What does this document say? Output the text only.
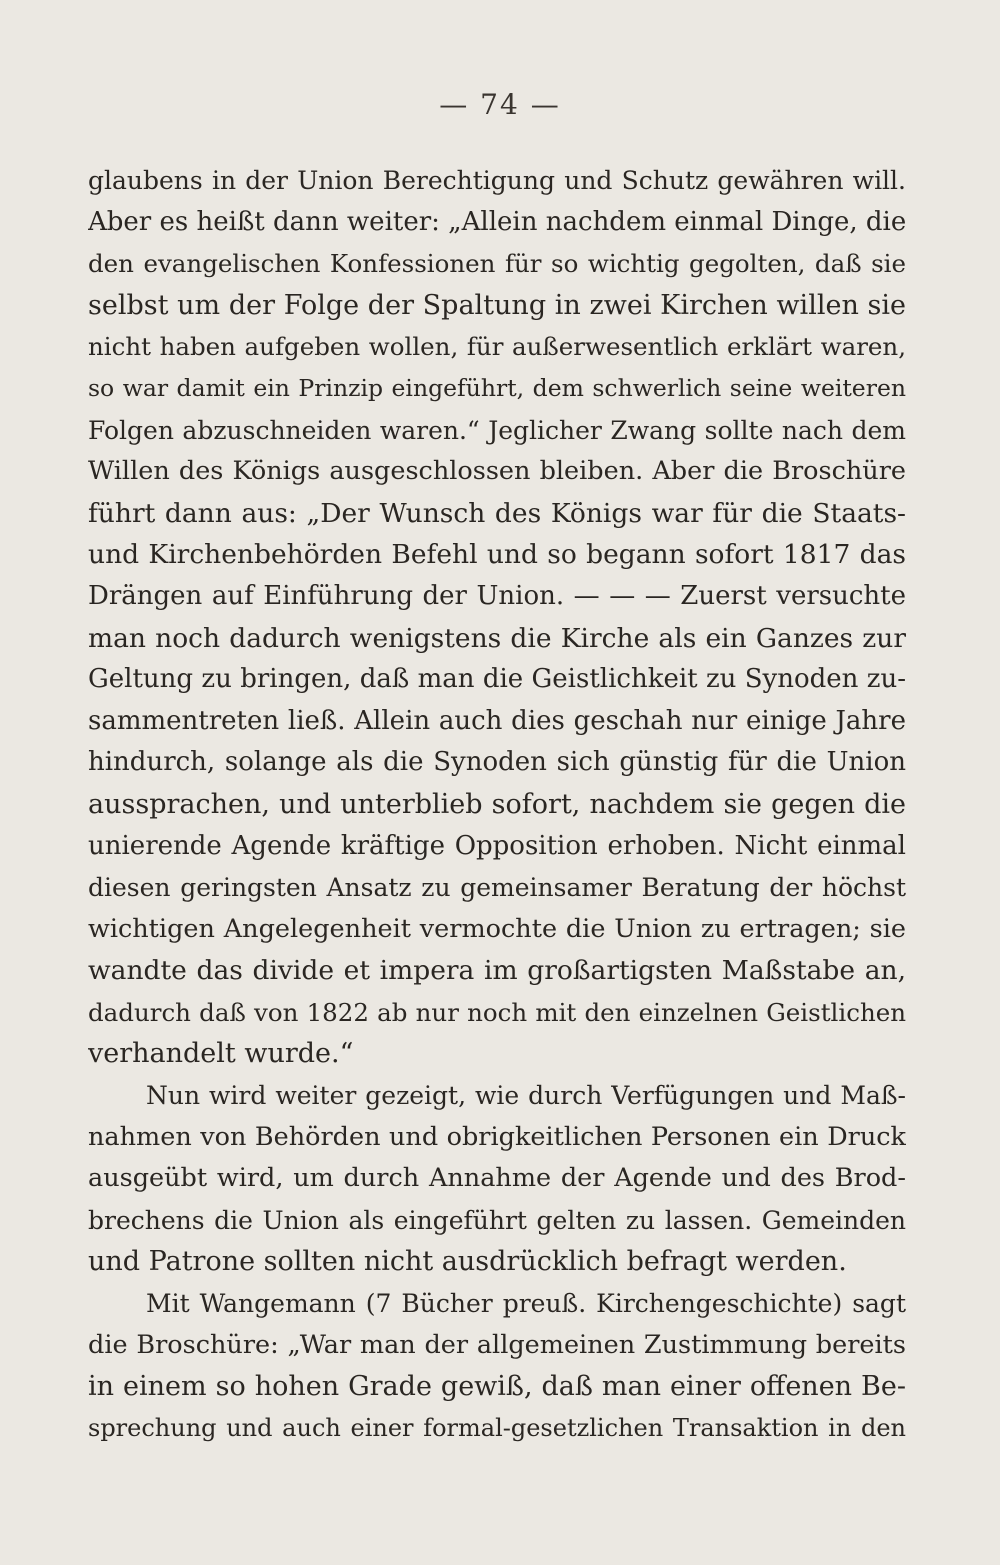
— 74 —
glaubens in der Union Berechtigung und Schutz gewähren will.
Aber es heißt dann weiter: „Allein nachdem einmal Dinge, die
den evangelischen Konfessionen für so wichtig gegolten, daß sie
selbst um der Folge der Spaltung in zwei Kirchen willen sie
nicht haben aufgeben wollen, für außerwesentlich erklärt waren,
so war damit ein Prinzip eingeführt, dem schwerlich seine weiteren
Folgen abzuschneiden waren.“ Jeglicher Zwang sollte nach dem
Willen des Königs ausgeschlossen bleiben. Aber die Broschüre
führt dann aus: „Der Wunsch des Königs war für die Staats-
und Kirchenbehörden Befehl und so begann sofort 1817 das
Drängen auf Einführung der Union. — — — Zuerst versuchte
man noch dadurch wenigstens die Kirche als ein Ganzes zur
Geltung zu bringen, daß man die Geistlichkeit zu Synoden zu-
sammentreten ließ. Allein auch dies geschah nur einige Jahre
hindurch, solange als die Synoden sich günstig für die Union
aussprachen, und unterblieb sofort, nachdem sie gegen die
unierende Agende kräftige Opposition erhoben. Nicht einmal
diesen geringsten Ansatz zu gemeinsamer Beratung der höchst
wichtigen Angelegenheit vermochte die Union zu ertragen; sie
wandte das divide et impera im großartigsten Maßstabe an,
dadurch daß von 1822 ab nur noch mit den einzelnen Geistlichen
verhandelt wurde.“
Nun wird weiter gezeigt, wie durch Verfügungen und Maß-
nahmen von Behörden und obrigkeitlichen Personen ein Druck
ausgeübt wird, um durch Annahme der Agende und des Brod-
brechens die Union als eingeführt gelten zu lassen. Gemeinden
und Patrone sollten nicht ausdrücklich befragt werden.
Mit Wangemann (7 Bücher preuß. Kirchengeschichte) sagt
die Broschüre: „War man der allgemeinen Zustimmung bereits
in einem so hohen Grade gewiß, daß man einer offenen Be-
sprechung und auch einer formal-gesetzlichen Transaktion in den
